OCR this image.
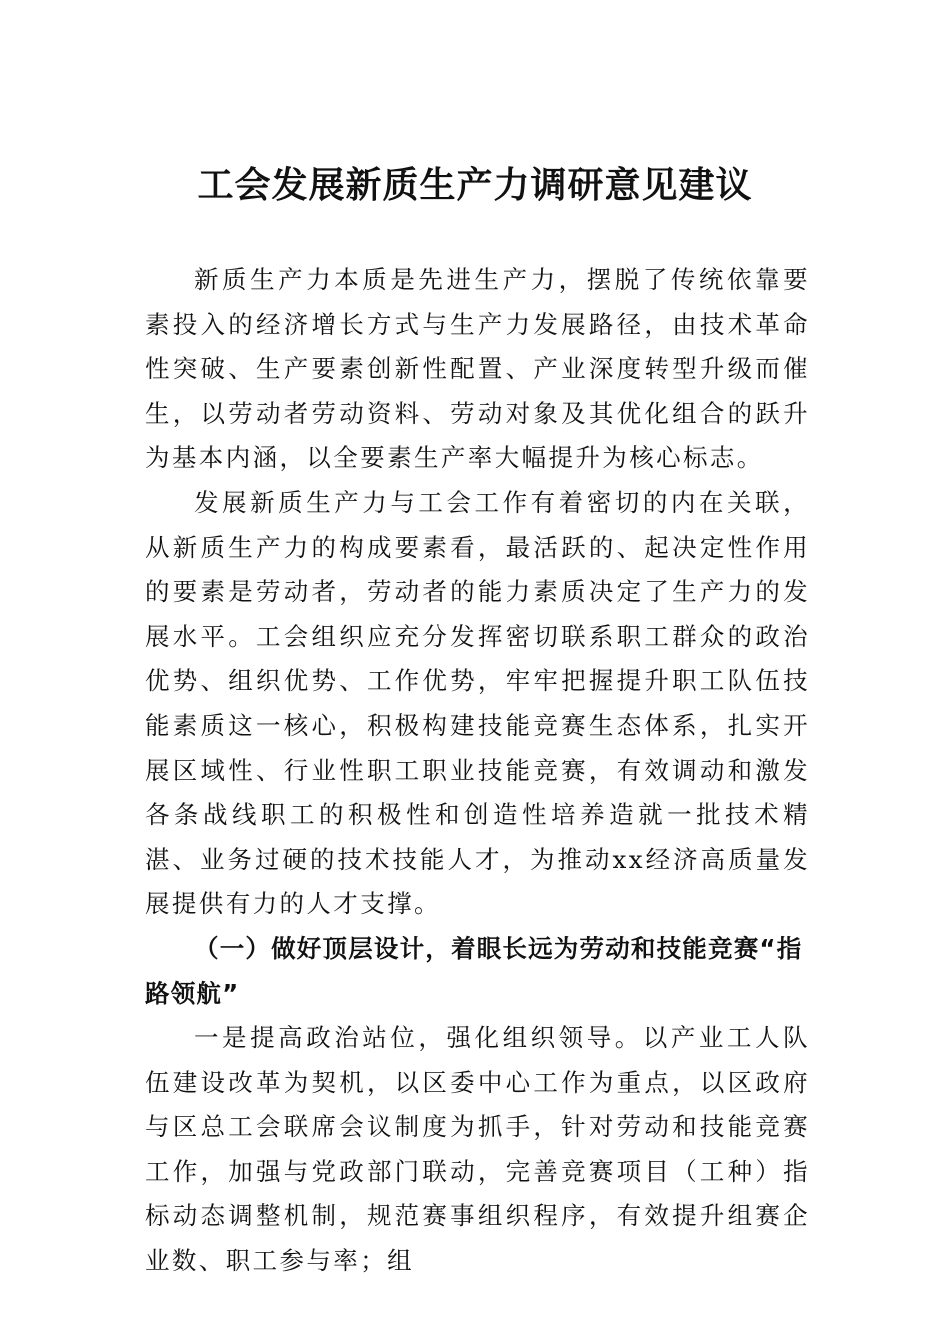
工会发展新质生产力调研意见建议

新质生产力本质是先进生产力，摆脱了传统依靠要素投入的经济增长方式与生产力发展路径，由技术革命性突破、生产要素创新性配置、产业深度转型升级而催生，以劳动者劳动资料、劳动对象及其优化组合的跃升为基本内涵，以全要素生产率大幅提升为核心标志。

发展新质生产力与工会工作有着密切的内在关联，从新质生产力的构成要素看，最活跃的、起决定性作用的要素是劳动者，劳动者的能力素质决定了生产力的发展水平。工会组织应充分发挥密切联系职工群众的政治优势、组织优势、工作优势，牢牢把握提升职工队伍技能素质这一核心，积极构建技能竞赛生态体系，扎实开展区域性、行业性职工职业技能竞赛，有效调动和激发各条战线职工的积极性和创造性培养造就一批技术精湛、业务过硬的技术技能人才，为推动xx经济高质量发展提供有力的人才支撑。

（一）做好顶层设计，着眼长远为劳动和技能竞赛“指路领航”

一是提高政治站位，强化组织领导。以产业工人队伍建设改革为契机，以区委中心工作为重点，以区政府与区总工会联席会议制度为抓手，针对劳动和技能竞赛工作，加强与党政部门联动，完善竞赛项目（工种）指标动态调整机制，规范赛事组织程序，有效提升组赛企业数、职工参与率；组
